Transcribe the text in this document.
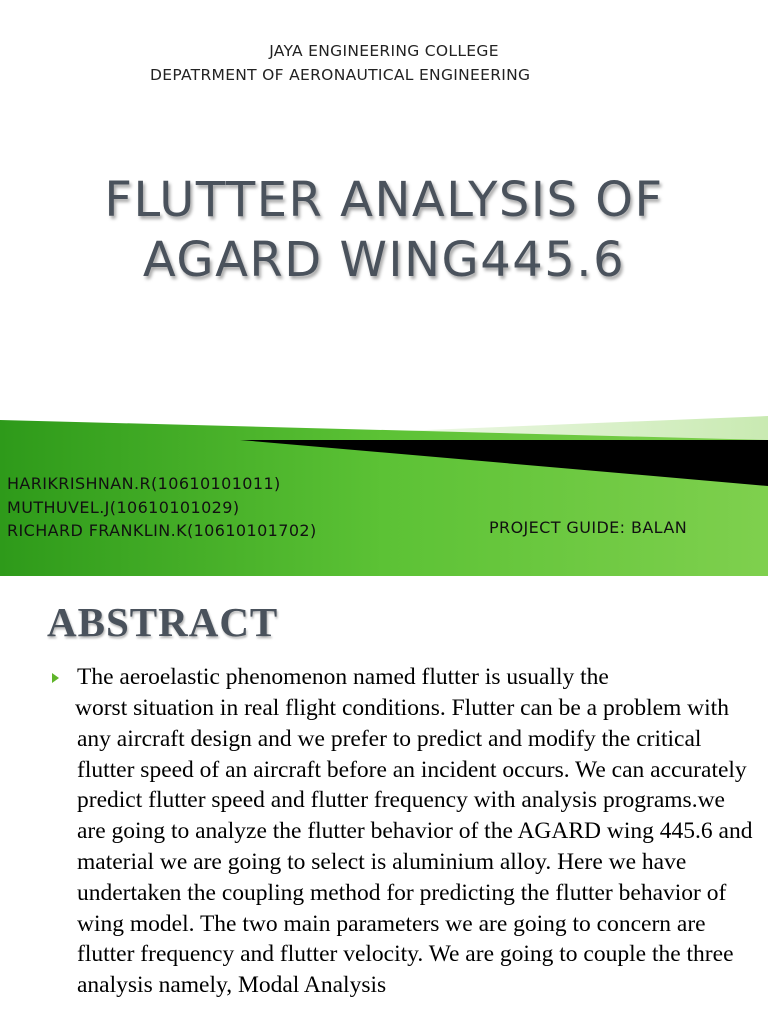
JAYA ENGINEERING COLLEGE
DEPATRMENT OF AERONAUTICAL ENGINEERING
FLUTTER ANALYSIS OF
AGARD WING445.6
HARIKRISHNAN.R(10610101011)
MUTHUVEL.J(10610101029)
RICHARD FRANKLIN.K(10610101702)	PROJECT GUIDE: BALAN
ABSTRACT
The aeroelastic phenomenon named flutter is usually the
worst situation in real flight conditions. Flutter can be a problem with any aircraft design and we prefer to predict and modify the critical flutter speed of an aircraft before an incident occurs. We can accurately predict flutter speed and flutter frequency with analysis programs.we are going to analyze the flutter behavior of the AGARD wing 445.6 and material we are going to select is aluminium alloy. Here we have undertaken the coupling method for predicting the flutter behavior of wing model. The two main parameters we are going to concern are flutter frequency and flutter velocity. We are going to couple the three analysis namely, Modal Analysis
